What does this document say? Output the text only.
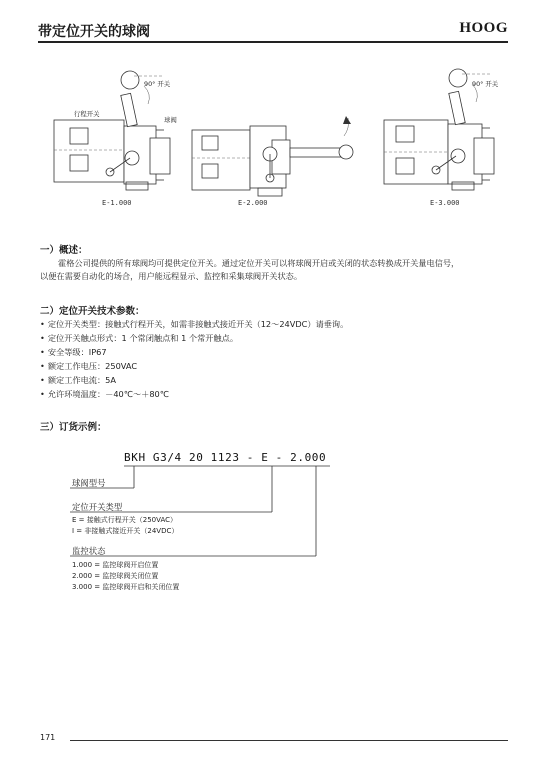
带定位开关的球阀	HOOG
90° 开关
行程开关
球阀
E-1.000	E-2.000
90° 开关
E-3.000
一）概述：
霍格公司提供的所有球阀均可提供定位开关。通过定位开关可以将球阀开启或关闭的状态转换成开关量电信号，
以便在需要自动化的场合，用户能远程显示、监控和采集球阀开关状态。
二）定位开关技术参数：
• 定位开关类型：接触式行程开关，如需非接触式接近开关（12～24VDC）请垂询。
• 定位开关触点形式：1 个常闭触点和 1 个常开触点。
• 安全等级：IP67
• 额定工作电压：250VAC
• 额定工作电流：5A
• 允许环境温度：－40℃～＋80℃
三）订货示例：
BKH G3/4 20 1123 - E - 2.000
球阀型号
定位开关类型
E = 接触式行程开关（250VAC）
I = 非接触式接近开关（24VDC）
监控状态
1.000 = 监控球阀开启位置
2.000 = 监控球阀关闭位置
3.000 = 监控球阀开启和关闭位置
171
